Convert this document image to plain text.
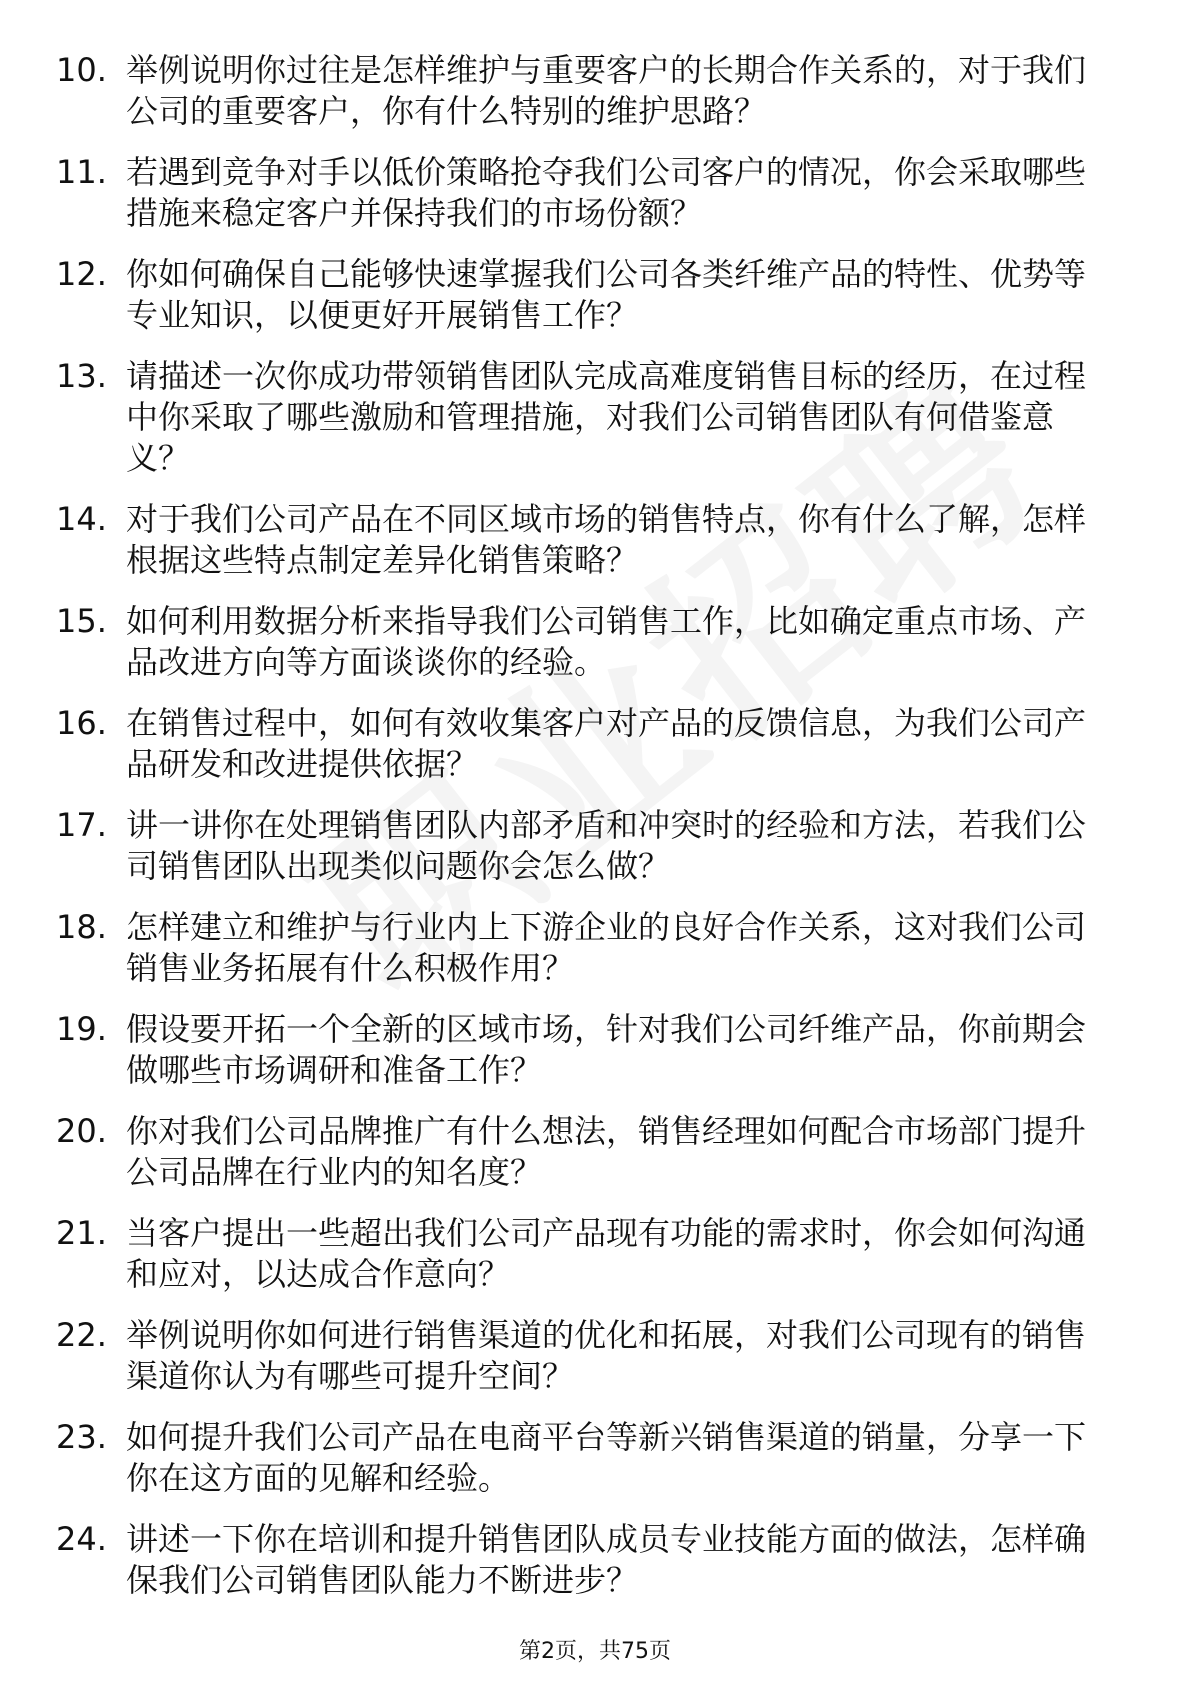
10. 举例说明你过往是怎样维护与重要客户的长期合作关系的，对于我们公司的重要客户，你有什么特别的维护思路？
11. 若遇到竞争对手以低价策略抢夺我们公司客户的情况，你会采取哪些措施来稳定客户并保持我们的市场份额？
12. 你如何确保自己能够快速掌握我们公司各类纤维产品的特性、优势等专业知识，以便更好开展销售工作？
13. 请描述一次你成功带领销售团队完成高难度销售目标的经历，在过程中你采取了哪些激励和管理措施，对我们公司销售团队有何借鉴意义？
14. 对于我们公司产品在不同区域市场的销售特点，你有什么了解，怎样根据这些特点制定差异化销售策略？
15. 如何利用数据分析来指导我们公司销售工作，比如确定重点市场、产品改进方向等方面谈谈你的经验。
16. 在销售过程中，如何有效收集客户对产品的反馈信息，为我们公司产品研发和改进提供依据？
17. 讲一讲你在处理销售团队内部矛盾和冲突时的经验和方法，若我们公司销售团队出现类似问题你会怎么做？
18. 怎样建立和维护与行业内上下游企业的良好合作关系，这对我们公司销售业务拓展有什么积极作用？
19. 假设要开拓一个全新的区域市场，针对我们公司纤维产品，你前期会做哪些市场调研和准备工作？
20. 你对我们公司品牌推广有什么想法，销售经理如何配合市场部门提升公司品牌在行业内的知名度？
21. 当客户提出一些超出我们公司产品现有功能的需求时，你会如何沟通和应对，以达成合作意向？
22. 举例说明你如何进行销售渠道的优化和拓展，对我们公司现有的销售渠道你认为有哪些可提升空间？
23. 如何提升我们公司产品在电商平台等新兴销售渠道的销量，分享一下你在这方面的见解和经验。
24. 讲述一下你在培训和提升销售团队成员专业技能方面的做法，怎样确保我们公司销售团队能力不断进步？
第2页，共75页
